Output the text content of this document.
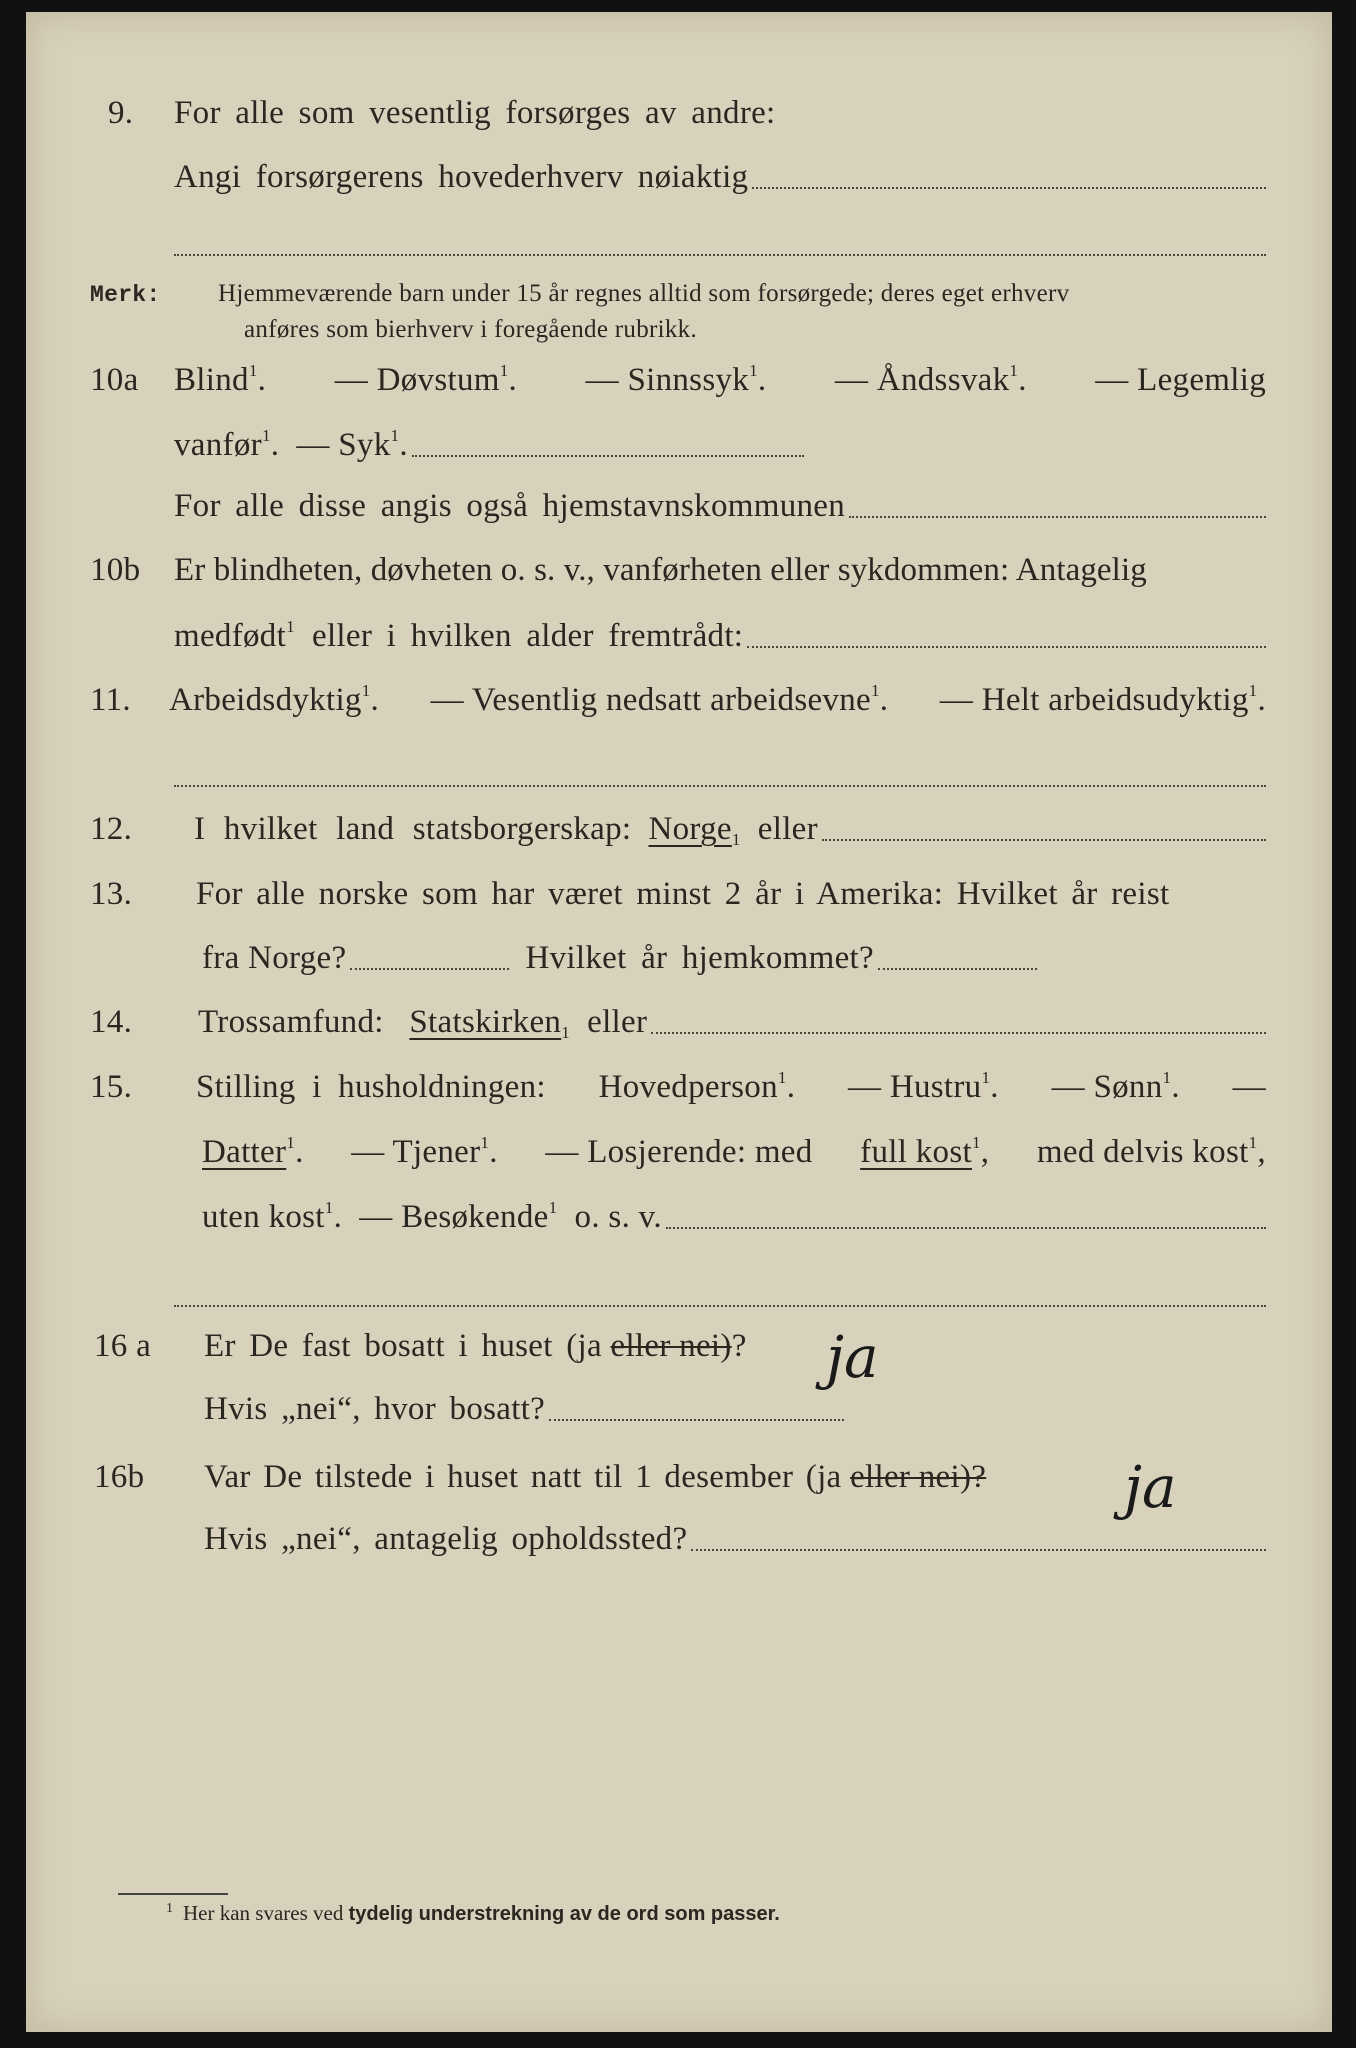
9. For alle som vesentlig forsørges av andre:
Angi forsørgerens hovederhverv nøiaktig
Merk: Hjemmeværende barn under 15 år regnes alltid som forsørgede; deres eget erhverv
anføres som bierhverv i foregående rubrikk.
10a Blind$^1$. — Døvstum$^1$. — Sinnssyk$^1$. — Åndssvak$^1$. — Legemlig
vanfør$^1$. — Syk$^1$.
For alle disse angis også hjemstavnskommunen
10b Er blindheten, døvheten o. s. v., vanførheten eller sykdommen: Antagelig
medfødt$^1$ eller i hvilken alder fremtrådt:
11. Arbeidsdyktig$^1$. — Vesentlig nedsatt arbeidsevne$^1$. — Helt arbeidsudyktig$^1$.
12. I hvilket land statsborgerskap:
Norge$_1$
eller
13. For alle norske som har været minst 2 år i Amerika: Hvilket år reist
fra Norge?	Hvilket år hjemkommet?
14. Trossamfund:
Statskirken$_1$
eller
15. Stilling i husholdningen: Hovedperson$^1$. — Hustru$^1$. — Sønn$^1$. —
Datter$^1$. — Tjener$^1$. — Losjerende: med full kost$^1$, med delvis kost$^1$,
uten kost$^1$. — Besøkende$^1$ o. s. v.
16 a Er De fast bosatt i huset (ja
eller nei) ? ja
Hvis „nei“, hvor bosatt?
16b Var De tilstede i huset natt til 1 desember (ja
eller nei)? ja
Hvis „nei“, antagelig opholdssted?
$^1$ Her kan svares ved tydelig understrekning av de ord som passer.
